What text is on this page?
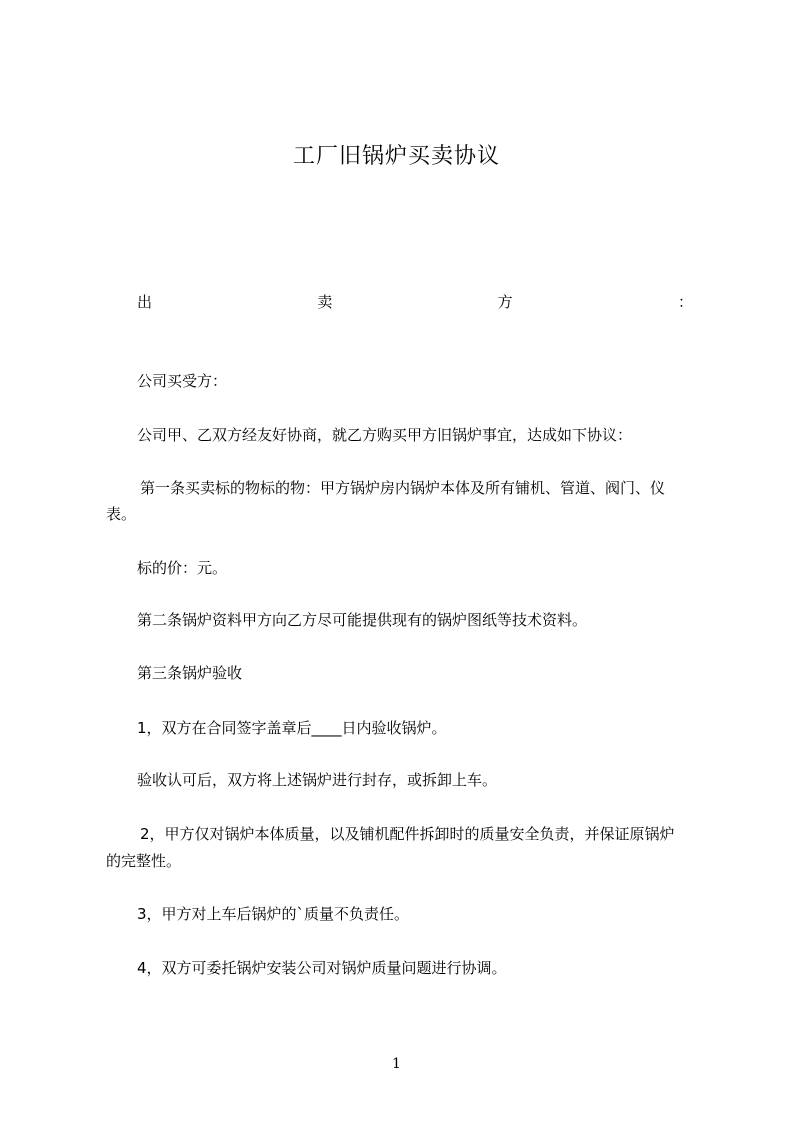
工厂旧锅炉买卖协议
出	卖	方	：

公司买受方：

公司甲、乙双方经友好协商，就乙方购买甲方旧锅炉事宜，达成如下协议：

第一条买卖标的物标的物：甲方锅炉房内锅炉本体及所有铺机、管道、阀门、仪

表。

标的价：元。

第二条锅炉资料甲方向乙方尽可能提供现有的锅炉图纸等技术资料。

第三条锅炉验收

1，双方在合同签字盖章后____日内验收锅炉。

验收认可后，双方将上述锅炉进行封存，或拆卸上车。

2，甲方仅对锅炉本体质量，以及铺机配件拆卸时的质量安全负责，并保证原锅炉

的完整性。

3，甲方对上车后锅炉的`质量不负责任。

4，双方可委托锅炉安装公司对锅炉质量问题进行协调。

1
